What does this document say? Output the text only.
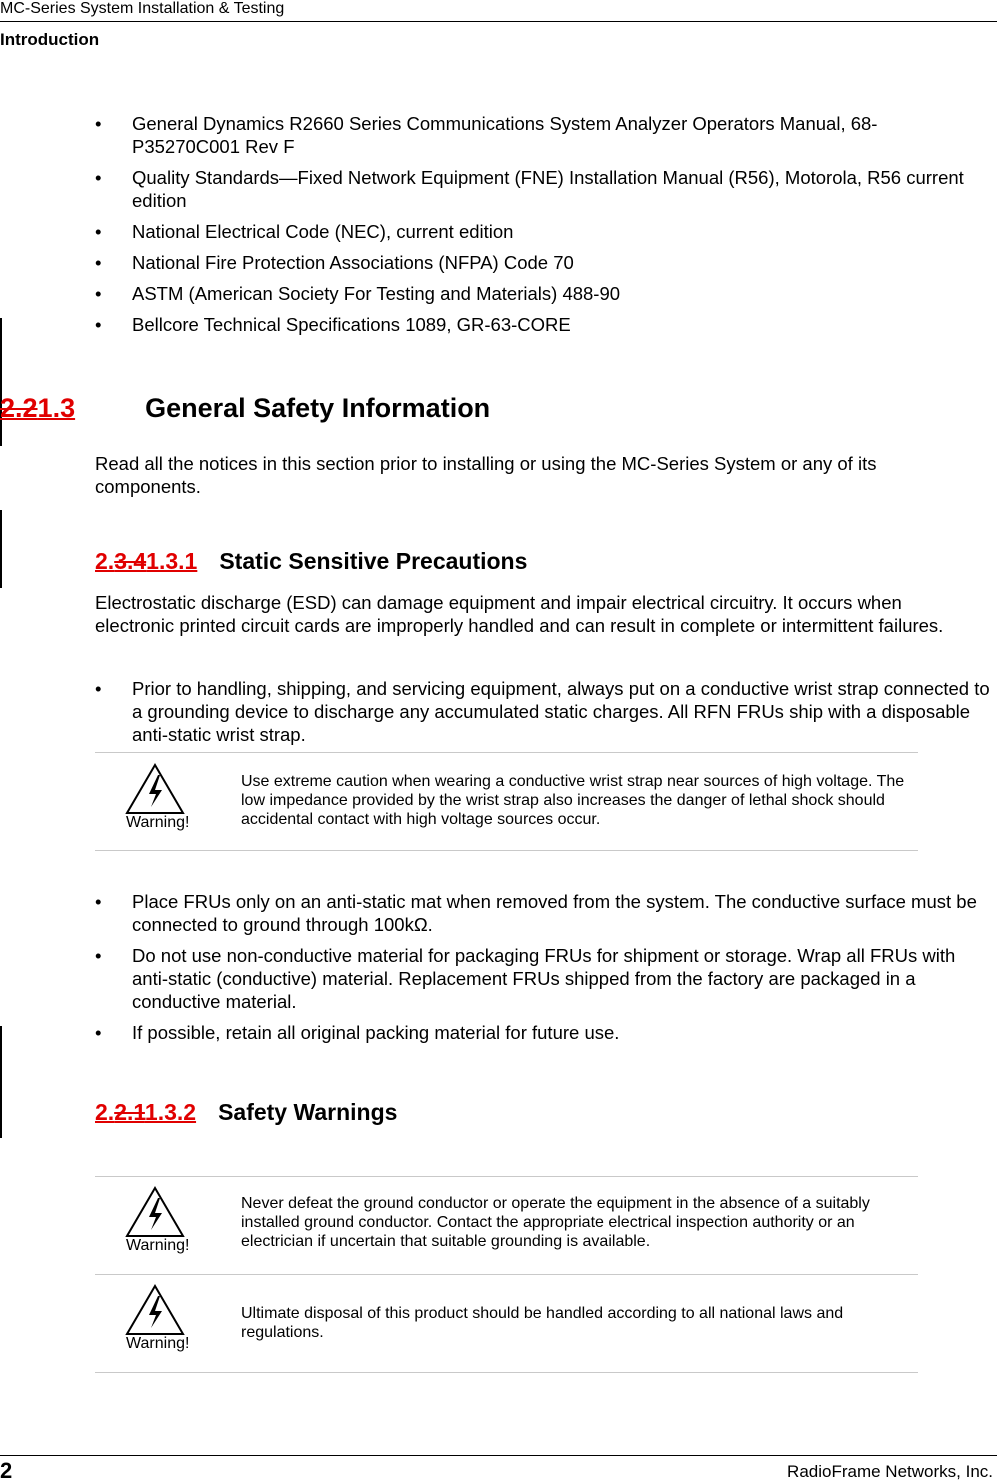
MC-Series System Installation & Testing
Introduction
• General Dynamics R2660 Series Communications System Analyzer Operators Manual, 68-P35270C001 Rev F
• Quality Standards—Fixed Network Equipment (FNE) Installation Manual (R56), Motorola, R56 current edition
• National Electrical Code (NEC), current edition
• National Fire Protection Associations (NFPA) Code 70
• ASTM (American Society For Testing and Materials) 488-90
• Bellcore Technical Specifications 1089, GR-63-CORE
2.21.3	General Safety Information
Read all the notices in this section prior to installing or using the MC-Series System or any of its components.
2.3.41.3.1 Static Sensitive Precautions
Electrostatic discharge (ESD) can damage equipment and impair electrical circuitry. It occurs when electronic printed circuit cards are improperly handled and can result in complete or intermittent failures.
• Prior to handling, shipping, and servicing equipment, always put on a conductive wrist strap connected to a grounding device to discharge any accumulated static charges. All RFN FRUs ship with a disposable anti-static wrist strap.
Warning!
Use extreme caution when wearing a conductive wrist strap near sources of high voltage. The low impedance provided by the wrist strap also increases the danger of lethal shock should accidental contact with high voltage sources occur.
• Place FRUs only on an anti-static mat when removed from the system. The conductive surface must be connected to ground through 100kΩ.
• Do not use non-conductive material for packaging FRUs for shipment or storage. Wrap all FRUs with anti-static (conductive) material. Replacement FRUs shipped from the factory are packaged in a conductive material.
• If possible, retain all original packing material for future use.
2.2.11.3.2 Safety Warnings
Warning!
Never defeat the ground conductor or operate the equipment in the absence of a suitably installed ground conductor. Contact the appropriate electrical inspection authority or an electrician if uncertain that suitable grounding is available.
Warning!
Ultimate disposal of this product should be handled according to all national laws and regulations.
2	RadioFrame Networks, Inc.
